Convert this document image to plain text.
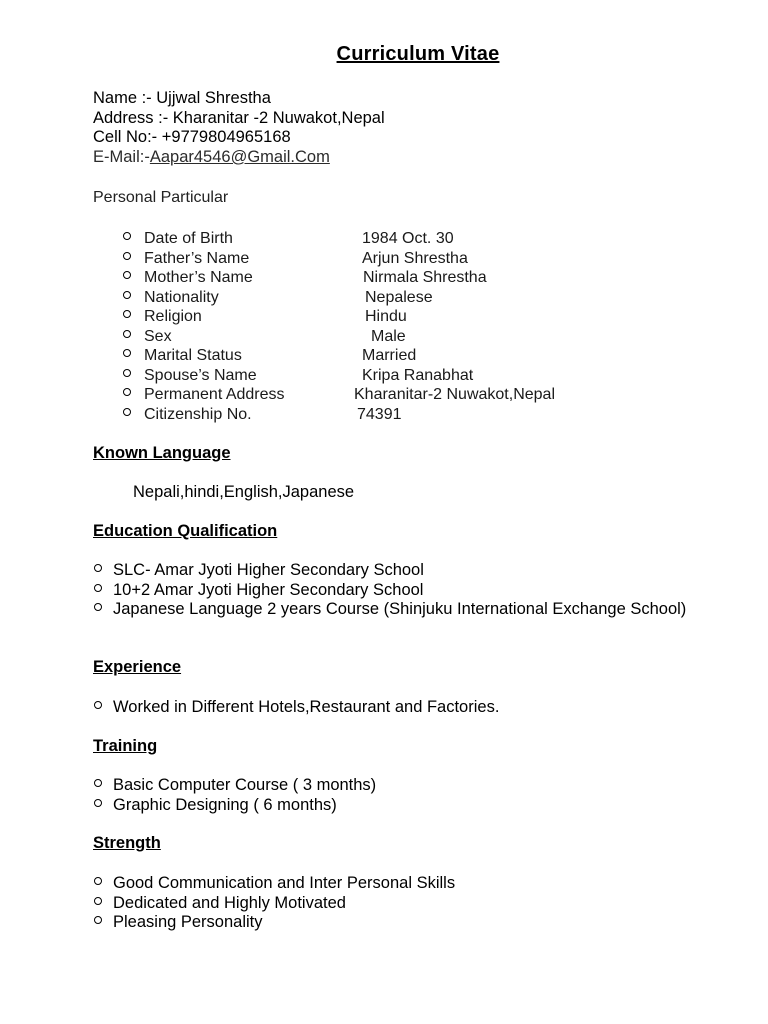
Curriculum Vitae
Name :- Ujjwal Shrestha
Address :- Kharanitar -2 Nuwakot,Nepal
Cell No:- +9779804965168
E-Mail:-Aapar4546@Gmail.Com
Personal Particular
Date of Birth	1984 Oct. 30
Father’s Name	Arjun Shrestha
Mother’s Name	Nirmala Shrestha
Nationality	Nepalese
Religion	Hindu
Sex	Male
Marital Status	Married
Spouse’s Name	Kripa Ranabhat
Permanent Address	Kharanitar-2 Nuwakot,Nepal
Citizenship No.	74391
Known Language
Nepali,hindi,English,Japanese
Education Qualification
SLC- Amar Jyoti Higher Secondary School
10+2 Amar Jyoti Higher Secondary School
Japanese Language 2 years Course (Shinjuku International Exchange School)
Experience
Worked in Different Hotels,Restaurant and Factories.
Training
Basic Computer Course ( 3 months)
Graphic Designing ( 6 months)
Strength
Good Communication and Inter Personal Skills
Dedicated and Highly Motivated
Pleasing Personality
